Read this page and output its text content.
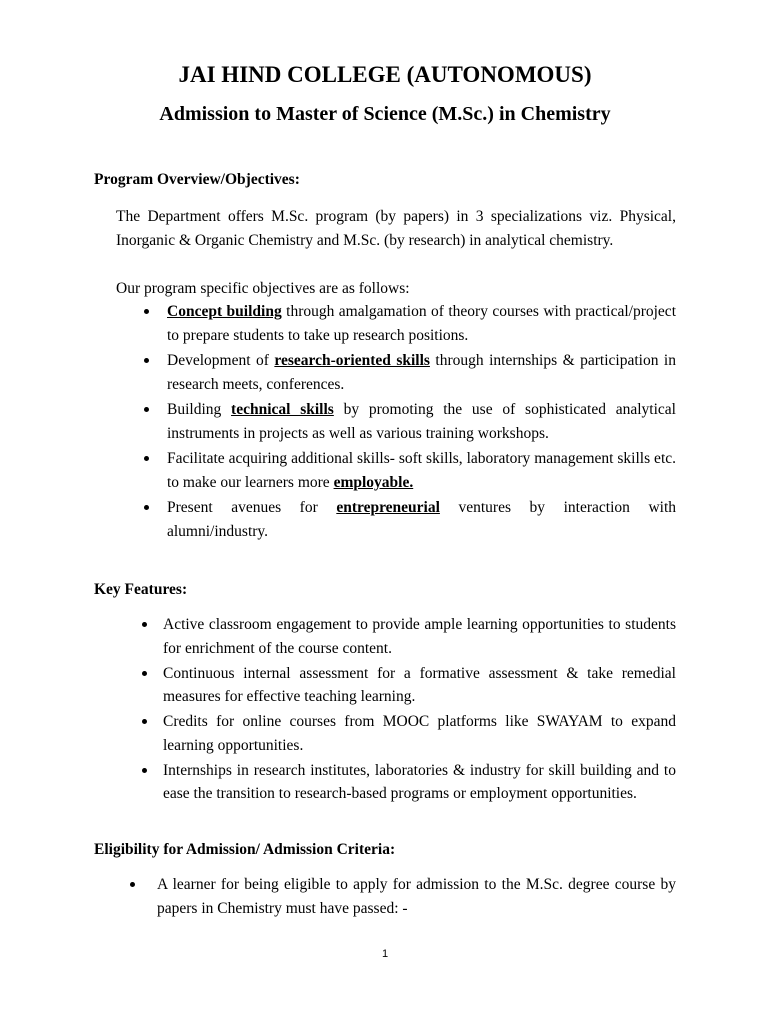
JAI HIND COLLEGE (AUTONOMOUS)
Admission to Master of Science (M.Sc.) in Chemistry

Program Overview/Objectives:

The Department offers M.Sc. program (by papers) in 3 specializations viz. Physical, Inorganic & Organic Chemistry and M.Sc. (by research) in analytical chemistry.

Our program specific objectives are as follows:

Concept building through amalgamation of theory courses with practical/project to prepare students to take up research positions.
Development of research-oriented skills through internships & participation in research meets, conferences.
Building technical skills by promoting the use of sophisticated analytical instruments in projects as well as various training workshops.
Facilitate acquiring additional skills- soft skills, laboratory management skills etc. to make our learners more employable.
Present avenues for entrepreneurial ventures by interaction with alumni/industry.

Key Features:

Active classroom engagement to provide ample learning opportunities to students for enrichment of the course content.
Continuous internal assessment for a formative assessment & take remedial measures for effective teaching learning.
Credits for online courses from MOOC platforms like SWAYAM to expand learning opportunities.
Internships in research institutes, laboratories & industry for skill building and to ease the transition to research-based programs or employment opportunities.

Eligibility for Admission/ Admission Criteria:

A learner for being eligible to apply for admission to the M.Sc. degree course by papers in Chemistry must have passed: -
1
